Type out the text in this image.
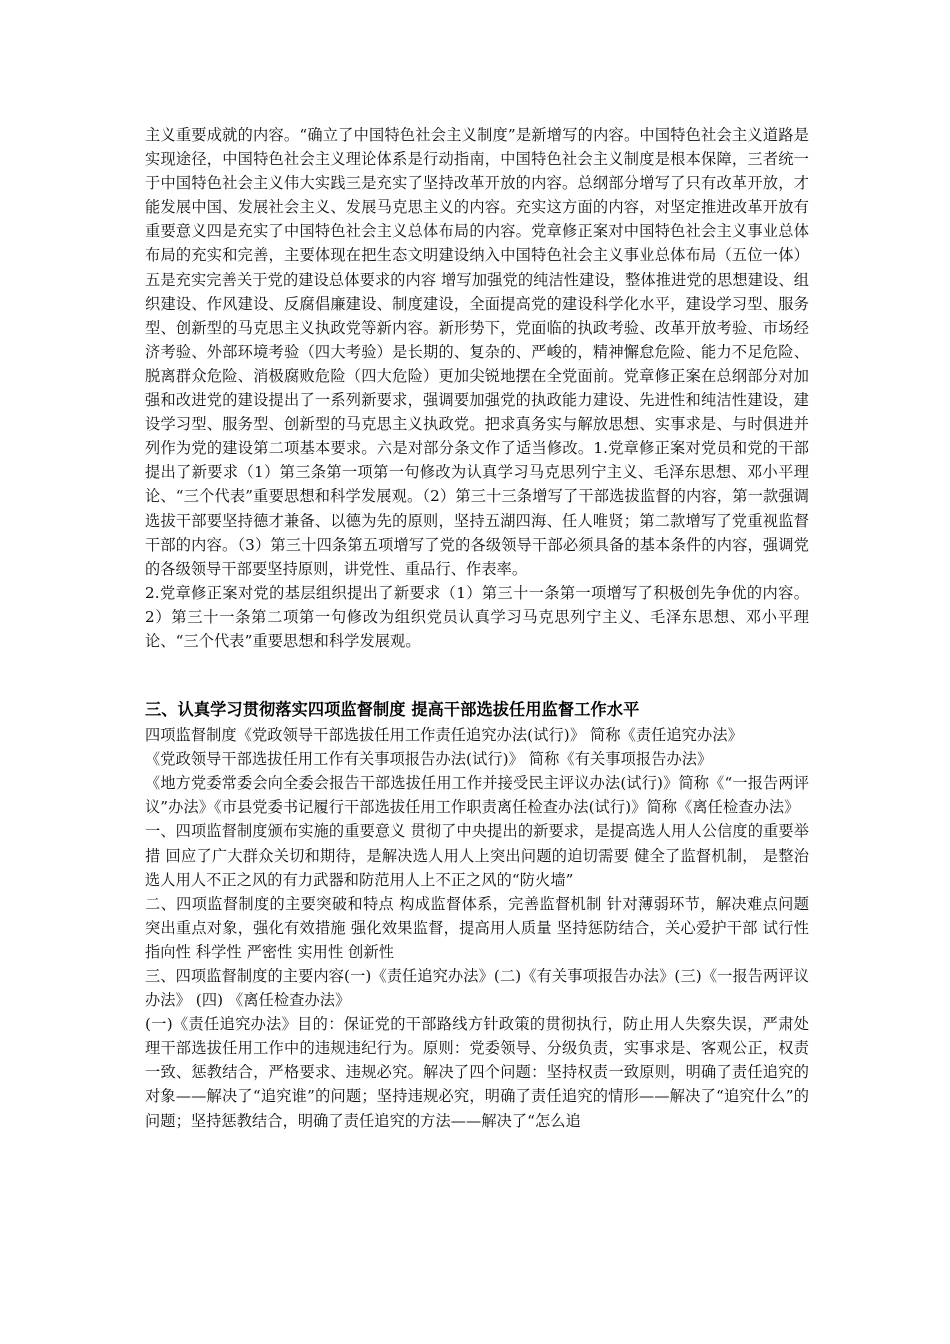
主义重要成就的内容。“确立了中国特色社会主义制度”是新增写的内容。中国特色社会主义道路是实现途径，中国特色社会主义理论体系是行动指南，中国特色社会主义制度是根本保障，三者统一于中国特色社会主义伟大实践三是充实了坚持改革开放的内容。总纲部分增写了只有改革开放，才能发展中国、发展社会主义、发展马克思主义的内容。充实这方面的内容，对坚定推进改革开放有重要意义四是充实了中国特色社会主义总体布局的内容。党章修正案对中国特色社会主义事业总体布局的充实和完善，主要体现在把生态文明建设纳入中国特色社会主义事业总体布局（五位一体）五是充实完善关于党的建设总体要求的内容 增写加强党的纯洁性建设，整体推进党的思想建设、组织建设、作风建设、反腐倡廉建设、制度建设，全面提高党的建设科学化水平，建设学习型、服务型、创新型的马克思主义执政党等新内容。新形势下，党面临的执政考验、改革开放考验、市场经济考验、外部环境考验（四大考验）是长期的、复杂的、严峻的，精神懈怠危险、能力不足危险、脱离群众危险、消极腐败危险（四大危险）更加尖锐地摆在全党面前。党章修正案在总纲部分对加强和改进党的建设提出了一系列新要求，强调要加强党的执政能力建设、先进性和纯洁性建设，建设学习型、服务型、创新型的马克思主义执政党。把求真务实与解放思想、实事求是、与时俱进并列作为党的建设第二项基本要求。六是对部分条文作了适当修改。1.党章修正案对党员和党的干部提出了新要求（1）第三条第一项第一句修改为认真学习马克思列宁主义、毛泽东思想、邓小平理论、“三个代表”重要思想和科学发展观。（2）第三十三条增写了干部选拔监督的内容，第一款强调选拔干部要坚持德才兼备、以德为先的原则，坚持五湖四海、任人唯贤；第二款增写了党重视监督干部的内容。（3）第三十四条第五项增写了党的各级领导干部必须具备的基本条件的内容，强调党的各级领导干部要坚持原则，讲党性、重品行、作表率。

2.党章修正案对党的基层组织提出了新要求（1）第三十一条第一项增写了积极创先争优的内容。2）第三十一条第二项第一句修改为组织党员认真学习马克思列宁主义、毛泽东思想、邓小平理论、“三个代表”重要思想和科学发展观。

三、认真学习贯彻落实四项监督制度 提高干部选拔任用监督工作水平

四项监督制度《党政领导干部选拔任用工作责任追究办法(试行)》 简称《责任追究办法》

《党政领导干部选拔任用工作有关事项报告办法(试行)》 简称《有关事项报告办法》

《地方党委常委会向全委会报告干部选拔任用工作并接受民主评议办法(试行)》简称《“一报告两评议”办法》《市县党委书记履行干部选拔任用工作职责离任检查办法(试行)》简称《离任检查办法》

一、四项监督制度颁布实施的重要意义 贯彻了中央提出的新要求，是提高选人用人公信度的重要举措 回应了广大群众关切和期待，是解决选人用人上突出问题的迫切需要 健全了监督机制， 是整治选人用人不正之风的有力武器和防范用人上不正之风的“防火墙”

二、四项监督制度的主要突破和特点 构成监督体系，完善监督机制 针对薄弱环节，解决难点问题 突出重点对象，强化有效措施 强化效果监督，提高用人质量 坚持惩防结合，关心爱护干部 试行性 指向性 科学性 严密性 实用性 创新性

三、四项监督制度的主要内容(一)《责任追究办法》(二)《有关事项报告办法》(三)《一报告两评议办法》 (四) 《离任检查办法》

(一)《责任追究办法》目的：保证党的干部路线方针政策的贯彻执行，防止用人失察失误，严肃处理干部选拔任用工作中的违规违纪行为。原则：党委领导、分级负责，实事求是、客观公正，权责一致、惩教结合，严格要求、违规必究。解决了四个问题：坚持权责一致原则，明确了责任追究的对象——解决了“追究谁”的问题；坚持违规必究，明确了责任追究的情形——解决了“追究什么”的问题；坚持惩教结合，明确了责任追究的方法——解决了“怎么追
